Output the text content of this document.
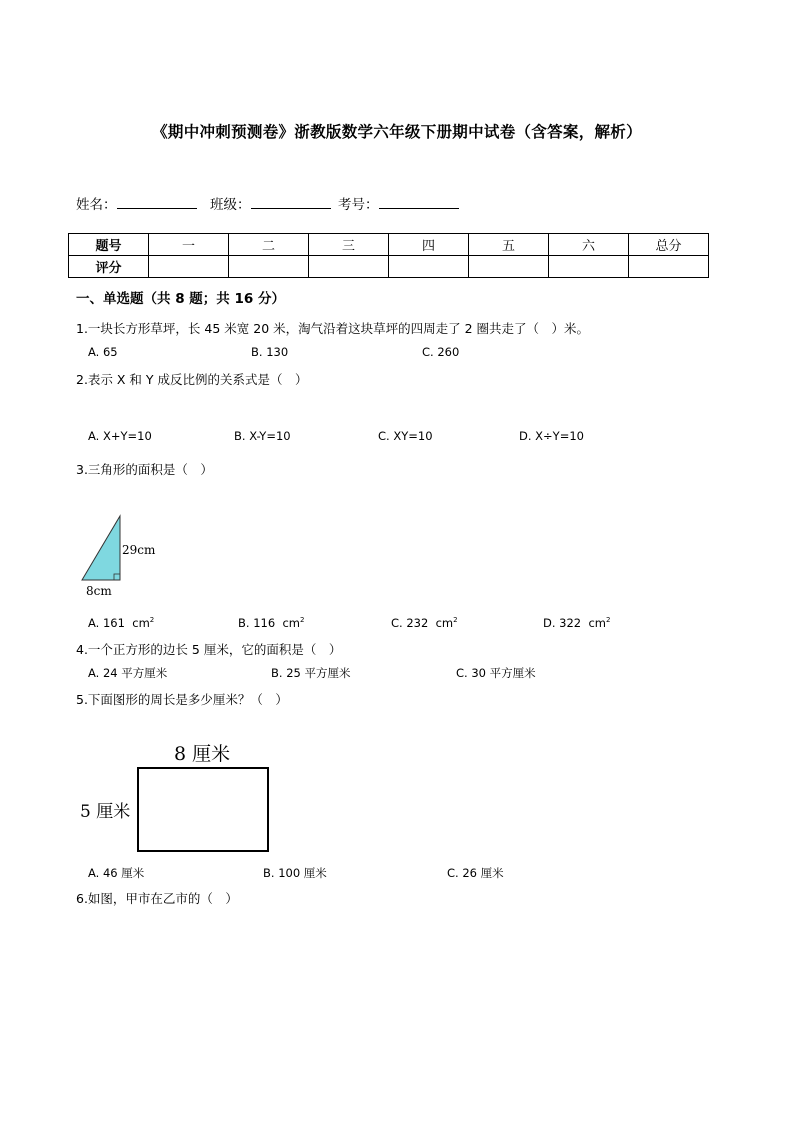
《期中冲刺预测卷》浙教版数学六年级下册期中试卷（含答案，解析）
姓名：	班级：	考号：
题号	一	二	三	四	五	六	总分
评分							
一、单选题（共 8 题；共 16 分）
1.一块长方形草坪，长 45 米宽 20 米，淘气沿着这块草坪的四周走了 2 圈共走了（　）米。
A. 65	B. 130	C. 260
2.表示 X 和 Y 成反比例的关系式是（　）
A. X+Y=10	B. X-Y=10	C. XY=10	D. X÷Y=10
3.三角形的面积是（　）
29cm
8cm
A. 161 $cm^2$	B. 116 $cm^2$	C. 232 $cm^2$	D. 322 $cm^2$
4.一个正方形的边长 5 厘米，它的面积是（　）
A. 24 平方厘米	B. 25 平方厘米	C. 30 平方厘米
5.下面图形的周长是多少厘米？（　）
8 厘米
5 厘米
A. 46 厘米	B. 100 厘米	C. 26 厘米
6.如图，甲市在乙市的（　）
